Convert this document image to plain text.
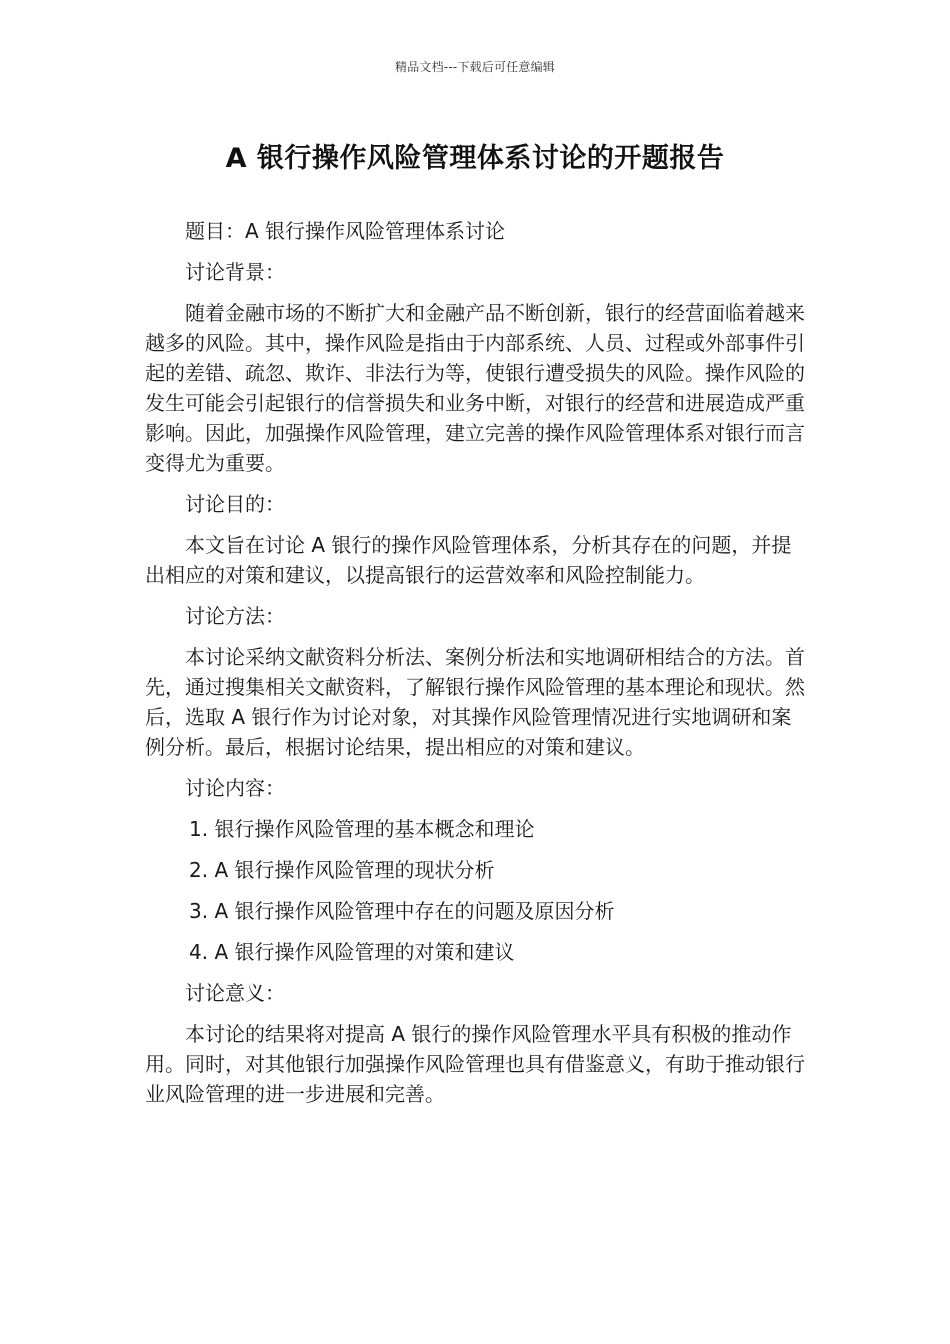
精品文档---下载后可任意编辑
A 银行操作风险管理体系讨论的开题报告

题目：A 银行操作风险管理体系讨论

讨论背景：

随着金融市场的不断扩大和金融产品不断创新，银行的经营面临着越来越多的风险。其中，操作风险是指由于内部系统、人员、过程或外部事件引起的差错、疏忽、欺诈、非法行为等，使银行遭受损失的风险。操作风险的发生可能会引起银行的信誉损失和业务中断，对银行的经营和进展造成严重影响。因此，加强操作风险管理，建立完善的操作风险管理体系对银行而言变得尤为重要。

讨论目的：

本文旨在讨论 A 银行的操作风险管理体系，分析其存在的问题，并提出相应的对策和建议，以提高银行的运营效率和风险控制能力。

讨论方法：

本讨论采纳文献资料分析法、案例分析法和实地调研相结合的方法。首先，通过搜集相关文献资料，了解银行操作风险管理的基本理论和现状。然后，选取 A 银行作为讨论对象，对其操作风险管理情况进行实地调研和案例分析。最后，根据讨论结果，提出相应的对策和建议。

讨论内容：

1. 银行操作风险管理的基本概念和理论

2. A 银行操作风险管理的现状分析

3. A 银行操作风险管理中存在的问题及原因分析

4. A 银行操作风险管理的对策和建议

讨论意义：

本讨论的结果将对提高 A 银行的操作风险管理水平具有积极的推动作用。同时，对其他银行加强操作风险管理也具有借鉴意义，有助于推动银行业风险管理的进一步进展和完善。
